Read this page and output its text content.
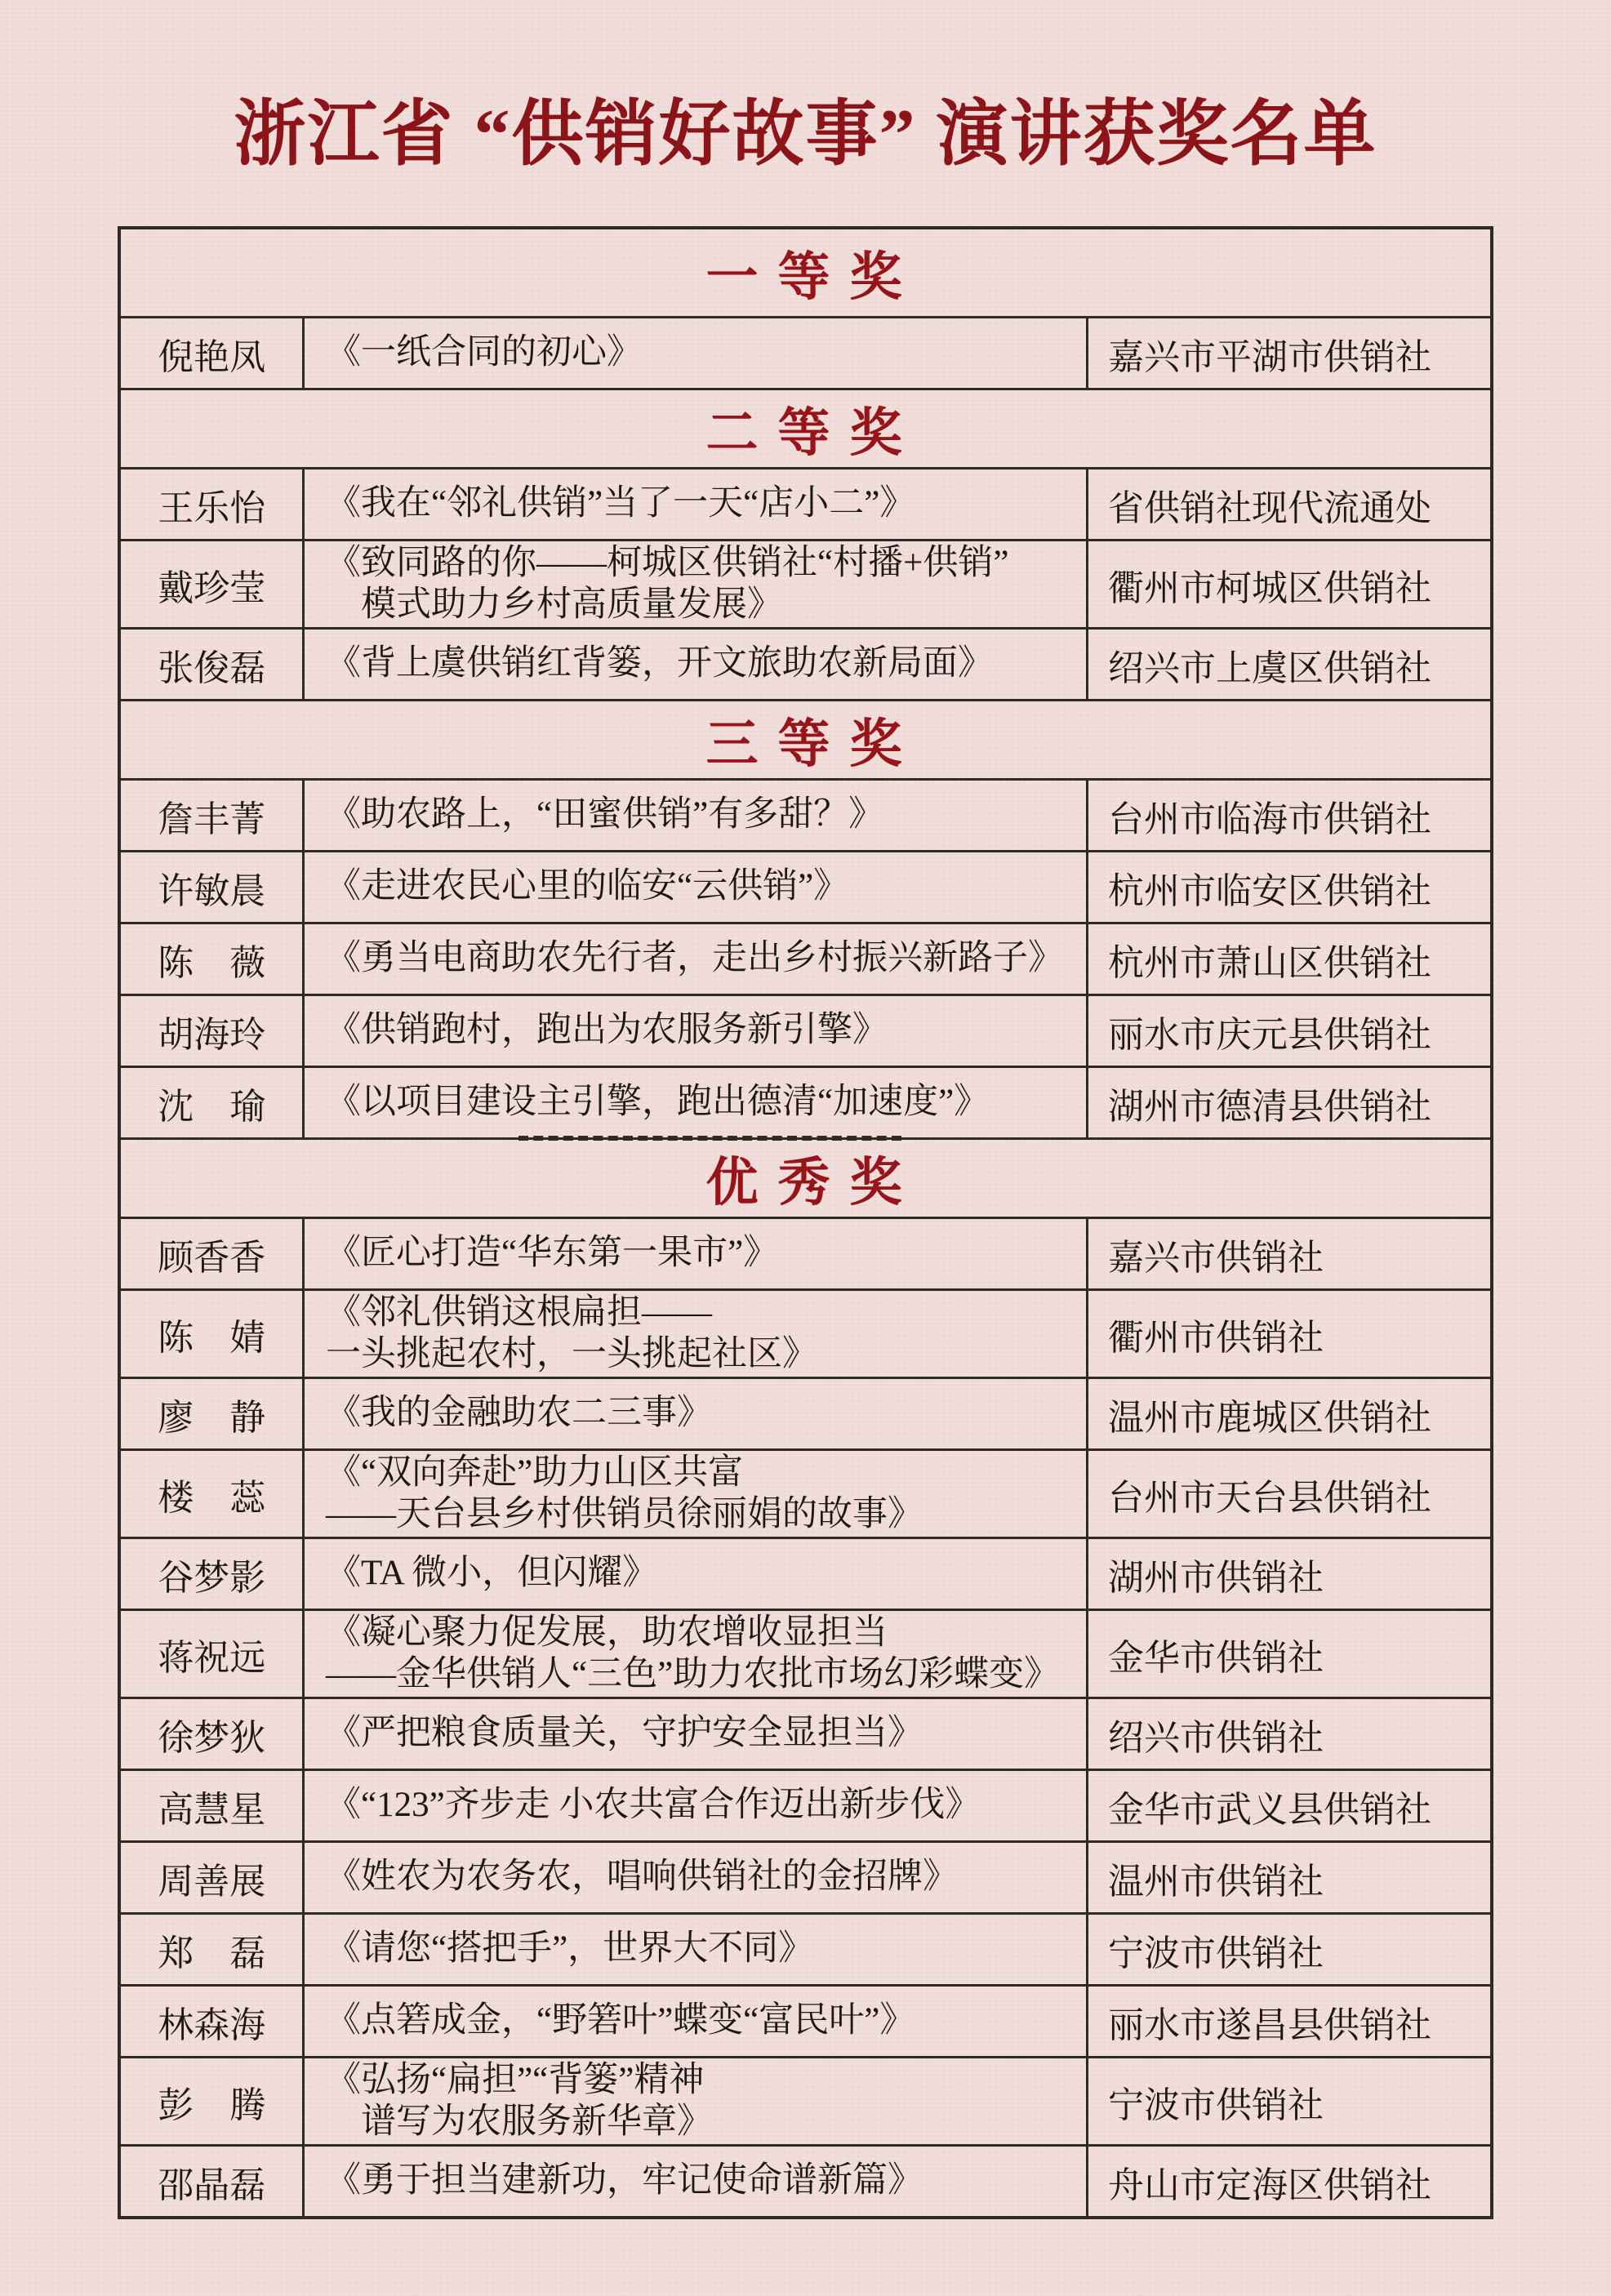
浙江省 “供销好故事” 演讲获奖名单
一 等 奖		
倪艳凤	《一纸合同的初心》	嘉兴市平湖市供销社
二 等 奖		
王乐怡	《我在“邻礼供销”当了一天“店小二”》	省供销社现代流通处
戴珍莹	《致同路的你——柯城区供销社“村播+供销”
　模式助力乡村高质量发展》	衢州市柯城区供销社
张俊磊	《背上虞供销红背篓，开文旅助农新局面》	绍兴市上虞区供销社
三 等 奖		
詹丰菁	《助农路上，“田蜜供销”有多甜？》	台州市临海市供销社
许敏晨	《走进农民心里的临安“云供销”》	杭州市临安区供销社
陈　薇	《勇当电商助农先行者，走出乡村振兴新路子》	杭州市萧山区供销社
胡海玲	《供销跑村，跑出为农服务新引擎》	丽水市庆元县供销社
沈　瑜	《以项目建设主引擎，跑出德清“加速度”》	湖州市德清县供销社

优 秀 奖		
顾香香	《匠心打造“华东第一果市”》	嘉兴市供销社
陈　婧	《邻礼供销这根扁担——
一头挑起农村，一头挑起社区》	衢州市供销社
廖　静	《我的金融助农二三事》	温州市鹿城区供销社
楼　蕊	《“双向奔赴”助力山区共富
——天台县乡村供销员徐丽娟的故事》	台州市天台县供销社
谷梦影	《TA 微小，但闪耀》	湖州市供销社
蒋祝远	《凝心聚力促发展，助农增收显担当
——金华供销人“三色”助力农批市场幻彩蝶变》	金华市供销社
徐梦狄	《严把粮食质量关，守护安全显担当》	绍兴市供销社
高慧星	《“123”齐步走 小农共富合作迈出新步伐》	金华市武义县供销社
周善展	《姓农为农务农，唱响供销社的金招牌》	温州市供销社
郑　磊	《请您“搭把手”，世界大不同》	宁波市供销社
林森海	《点箬成金，“野箬叶”蝶变“富民叶”》	丽水市遂昌县供销社
彭　腾	《弘扬“扁担”“背篓”精神
　谱写为农服务新华章》	宁波市供销社
邵晶磊	《勇于担当建新功，牢记使命谱新篇》	舟山市定海区供销社
